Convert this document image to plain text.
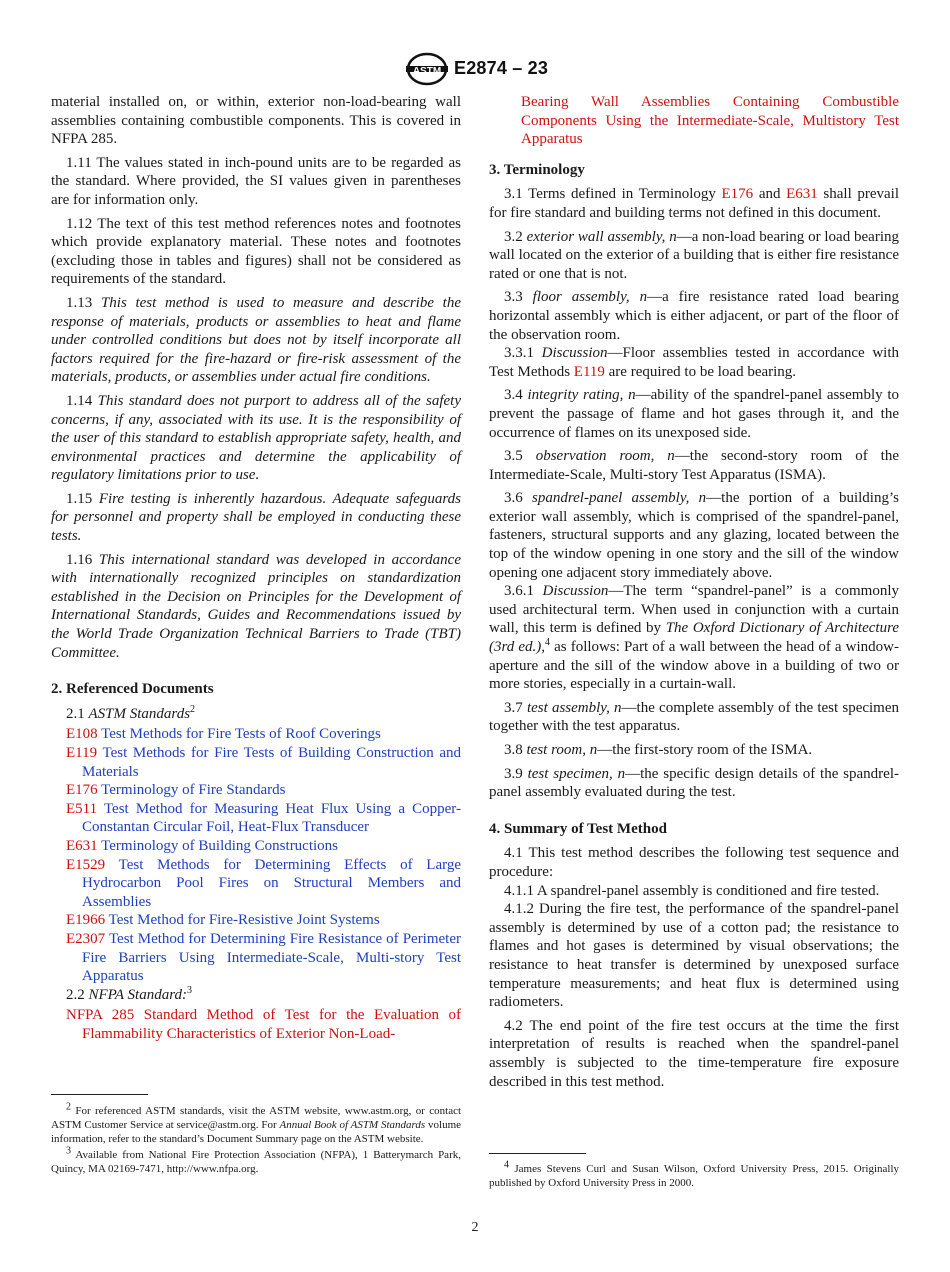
ASTM E2874 – 23

material installed on, or within, exterior non-load-bearing wall assemblies containing combustible components. This is covered in NFPA 285.

1.11 The values stated in inch-pound units are to be regarded as the standard. Where provided, the SI values given in parentheses are for information only.

1.12 The text of this test method references notes and footnotes which provide explanatory material. These notes and footnotes (excluding those in tables and figures) shall not be considered as requirements of the standard.

1.13 This test method is used to measure and describe the response of materials, products or assemblies to heat and flame under controlled conditions but does not by itself incorporate all factors required for the fire-hazard or fire-risk assessment of the materials, products, or assemblies under actual fire conditions.

1.14 This standard does not purport to address all of the safety concerns, if any, associated with its use. It is the responsibility of the user of this standard to establish appropriate safety, health, and environmental practices and determine the applicability of regulatory limitations prior to use.

1.15 Fire testing is inherently hazardous. Adequate safeguards for personnel and property shall be employed in conducting these tests.

1.16 This international standard was developed in accordance with internationally recognized principles on standardization established in the Decision on Principles for the Development of International Standards, Guides and Recommendations issued by the World Trade Organization Technical Barriers to Trade (TBT) Committee.

2. Referenced Documents

2.1 ASTM Standards$^2$

E108 Test Methods for Fire Tests of Roof Coverings

E119 Test Methods for Fire Tests of Building Construction and Materials

E176 Terminology of Fire Standards

E511 Test Method for Measuring Heat Flux Using a Copper-Constantan Circular Foil, Heat-Flux Transducer

E631 Terminology of Building Constructions

E1529 Test Methods for Determining Effects of Large Hydrocarbon Pool Fires on Structural Members and Assemblies

E1966 Test Method for Fire-Resistive Joint Systems

E2307 Test Method for Determining Fire Resistance of Perimeter Fire Barriers Using Intermediate-Scale, Multi-story Test Apparatus

2.2 NFPA Standard:$^3$

NFPA 285 Standard Method of Test for the Evaluation of Flammability Characteristics of Exterior Non-Load-

$^2$ For referenced ASTM standards, visit the ASTM website, www.astm.org, or contact ASTM Customer Service at service@astm.org. For Annual Book of ASTM Standards volume information, refer to the standard’s Document Summary page on the ASTM website.

$^3$ Available from National Fire Protection Association (NFPA), 1 Batterymarch Park, Quincy, MA 02169-7471, http://www.nfpa.org.

Bearing Wall Assemblies Containing Combustible Components Using the Intermediate-Scale, Multistory Test Apparatus

3. Terminology

3.1 Terms defined in Terminology E176 and E631 shall prevail for fire standard and building terms not defined in this document.

3.2 exterior wall assembly, n—a non-load bearing or load bearing wall located on the exterior of a building that is either fire resistance rated or one that is not.

3.3 floor assembly, n—a fire resistance rated load bearing horizontal assembly which is either adjacent, or part of the floor of the observation room.

3.3.1 Discussion—Floor assemblies tested in accordance with Test Methods E119 are required to be load bearing.

3.4 integrity rating, n—ability of the spandrel-panel assembly to prevent the passage of flame and hot gases through it, and the occurrence of flames on its unexposed side.

3.5 observation room, n—the second-story room of the Intermediate-Scale, Multi-story Test Apparatus (ISMA).

3.6 spandrel-panel assembly, n—the portion of a building’s exterior wall assembly, which is comprised of the spandrel-panel, fasteners, structural supports and any glazing, located between the top of the window opening in one story and the sill of the window opening one adjacent story immediately above.

3.6.1 Discussion—The term “spandrel-panel” is a commonly used architectural term. When used in conjunction with a curtain wall, this term is defined by The Oxford Dictionary of Architecture (3rd ed.),$^4$ as follows: Part of a wall between the head of a window-aperture and the sill of the window above in a building of two or more stories, especially in a curtain-wall.

3.7 test assembly, n—the complete assembly of the test specimen together with the test apparatus.

3.8 test room, n—the first-story room of the ISMA.

3.9 test specimen, n—the specific design details of the spandrel-panel assembly evaluated during the test.

4. Summary of Test Method

4.1 This test method describes the following test sequence and procedure:

4.1.1 A spandrel-panel assembly is conditioned and fire tested.

4.1.2 During the fire test, the performance of the spandrel-panel assembly is determined by use of a cotton pad; the resistance to flames and hot gases is determined by visual observations; the resistance to heat transfer is determined by unexposed surface temperature measurements; and heat flux is determined using radiometers.

4.2 The end point of the fire test occurs at the time the first interpretation of results is reached when the spandrel-panel assembly is subjected to the time-temperature fire exposure described in this test method.

$^4$ James Stevens Curl and Susan Wilson, Oxford University Press, 2015. Originally published by Oxford University Press in 2000.

2
